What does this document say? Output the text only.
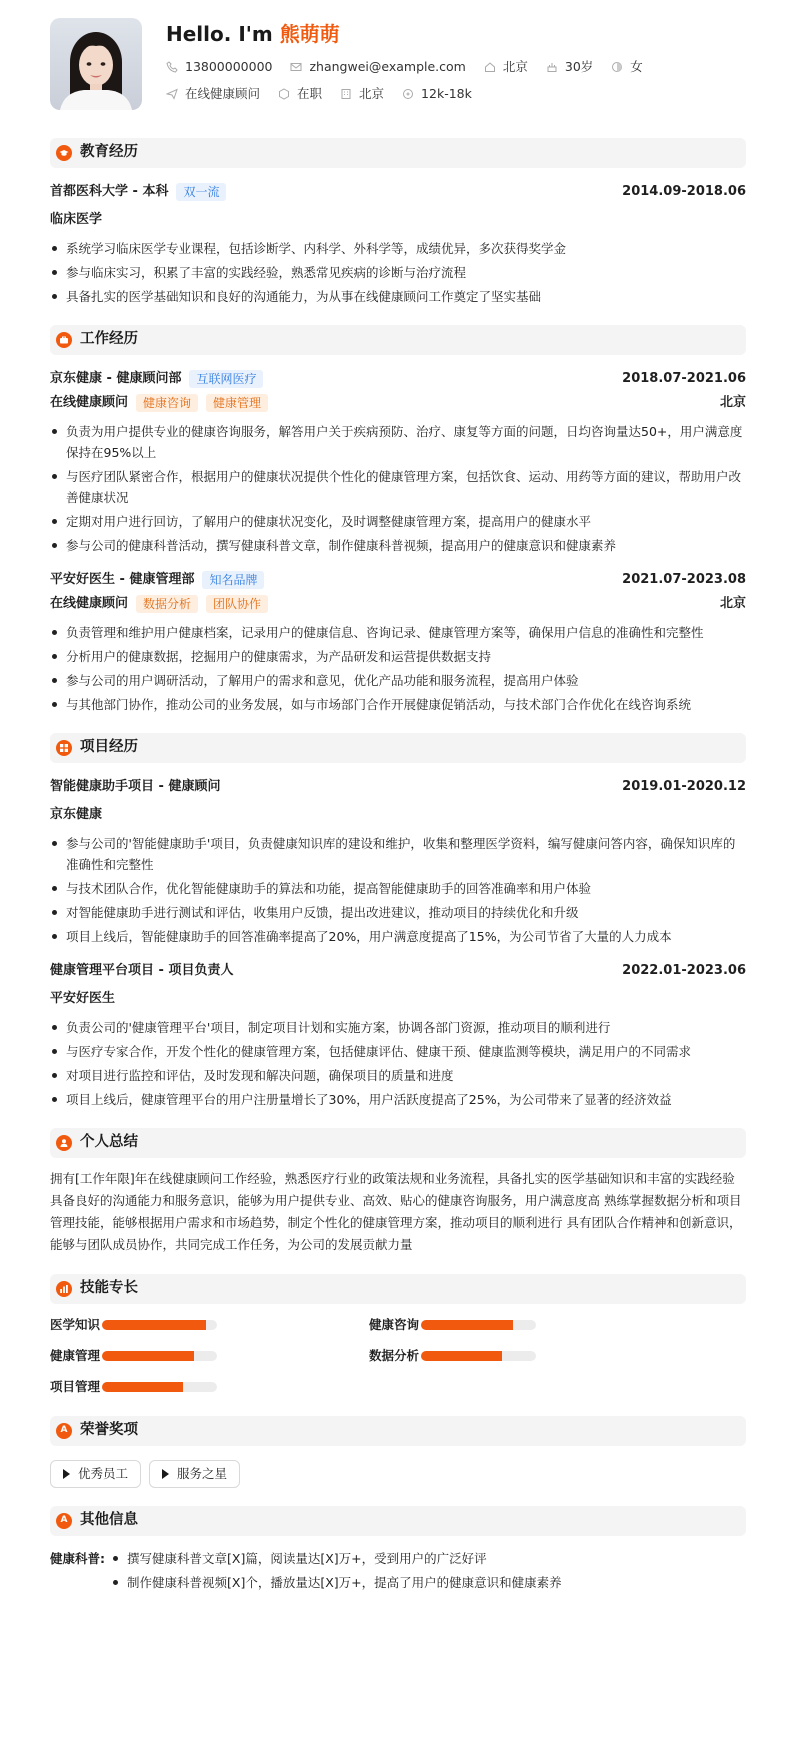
Hello. I'm 熊萌萌
13800000000	zhangwei@example.com	北京	30岁	女
在线健康顾问	在职	北京	12k-18k
教育经历
首都医科大学 - 本科	双一流	2014.09-2018.06
临床医学
系统学习临床医学专业课程，包括诊断学、内科学、外科学等，成绩优异，多次获得奖学金
参与临床实习，积累了丰富的实践经验，熟悉常见疾病的诊断与治疗流程
具备扎实的医学基础知识和良好的沟通能力，为从事在线健康顾问工作奠定了坚实基础
工作经历
京东健康 - 健康顾问部	互联网医疗	2018.07-2021.06
在线健康顾问	健康咨询	健康管理	北京
负责为用户提供专业的健康咨询服务，解答用户关于疾病预防、治疗、康复等方面的问题，日均咨询量达50+，用户满意度保持在95%以上
与医疗团队紧密合作，根据用户的健康状况提供个性化的健康管理方案，包括饮食、运动、用药等方面的建议，帮助用户改善健康状况
定期对用户进行回访，了解用户的健康状况变化，及时调整健康管理方案，提高用户的健康水平
参与公司的健康科普活动，撰写健康科普文章，制作健康科普视频，提高用户的健康意识和健康素养
平安好医生 - 健康管理部	知名品牌	2021.07-2023.08
在线健康顾问	数据分析	团队协作	北京
负责管理和维护用户健康档案，记录用户的健康信息、咨询记录、健康管理方案等，确保用户信息的准确性和完整性
分析用户的健康数据，挖掘用户的健康需求，为产品研发和运营提供数据支持
参与公司的用户调研活动，了解用户的需求和意见，优化产品功能和服务流程，提高用户体验
与其他部门协作，推动公司的业务发展，如与市场部门合作开展健康促销活动，与技术部门合作优化在线咨询系统
项目经历
智能健康助手项目 - 健康顾问	2019.01-2020.12
京东健康
参与公司的'智能健康助手'项目，负责健康知识库的建设和维护，收集和整理医学资料，编写健康问答内容，确保知识库的准确性和完整性
与技术团队合作，优化智能健康助手的算法和功能，提高智能健康助手的回答准确率和用户体验
对智能健康助手进行测试和评估，收集用户反馈，提出改进建议，推动项目的持续优化和升级
项目上线后，智能健康助手的回答准确率提高了20%，用户满意度提高了15%，为公司节省了大量的人力成本
健康管理平台项目 - 项目负责人	2022.01-2023.06
平安好医生
负责公司的'健康管理平台'项目，制定项目计划和实施方案，协调各部门资源，推动项目的顺利进行
与医疗专家合作，开发个性化的健康管理方案，包括健康评估、健康干预、健康监测等模块，满足用户的不同需求
对项目进行监控和评估，及时发现和解决问题，确保项目的质量和进度
项目上线后，健康管理平台的用户注册量增长了30%，用户活跃度提高了25%，为公司带来了显著的经济效益
个人总结
拥有[工作年限]年在线健康顾问工作经验，熟悉医疗行业的政策法规和业务流程，具备扎实的医学基础知识和丰富的实践经验 具备良好的沟通能力和服务意识，能够为用户提供专业、高效、贴心的健康咨询服务，用户满意度高 熟练掌握数据分析和项目管理技能，能够根据用户需求和市场趋势，制定个性化的健康管理方案，推动项目的顺利进行 具有团队合作精神和创新意识，能够与团队成员协作，共同完成工作任务，为公司的发展贡献力量
技能专长
医学知识	健康咨询
健康管理	数据分析
项目管理
A 荣誉奖项
优秀员工	服务之星
A 其他信息
健康科普:	撰写健康科普文章[X]篇，阅读量达[X]万+，受到用户的广泛好评
制作健康科普视频[X]个，播放量达[X]万+，提高了用户的健康意识和健康素养
